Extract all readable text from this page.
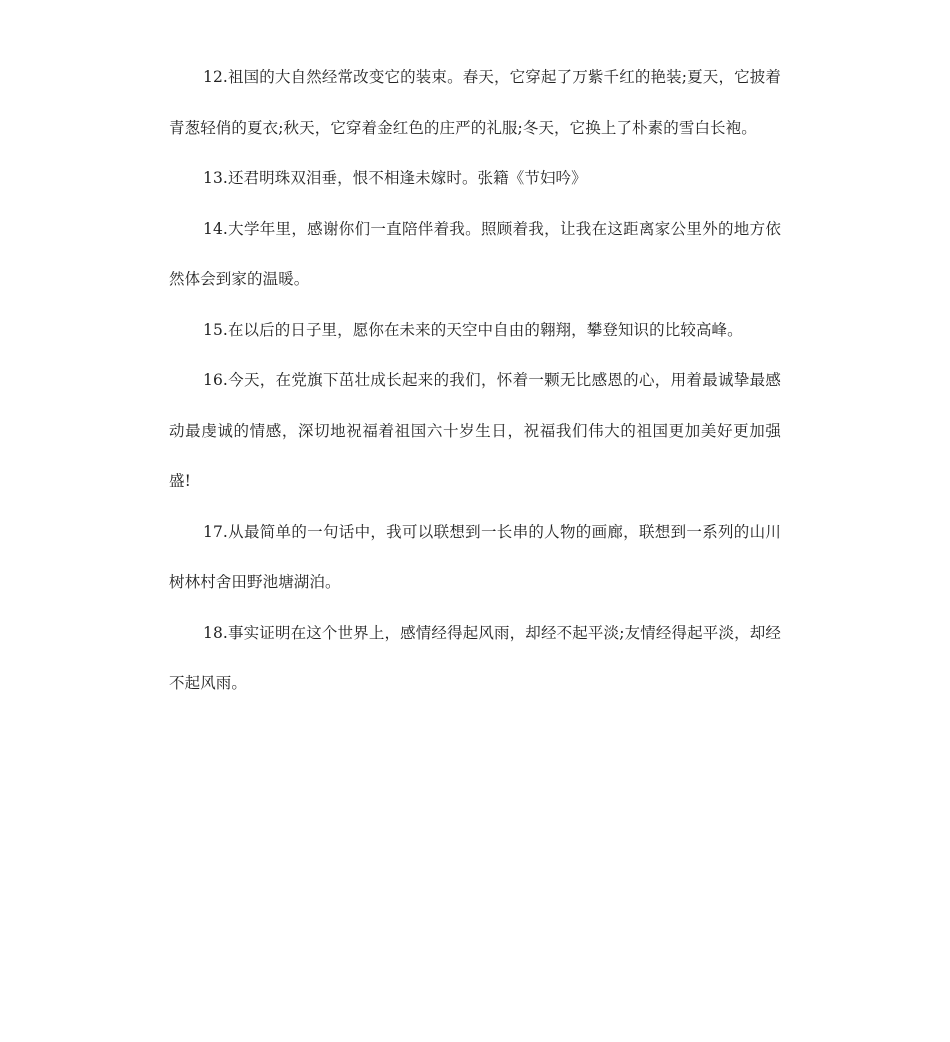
12.祖国的大自然经常改变它的装束。春天，它穿起了万紫千红的艳装;夏天，它披着青葱轻俏的夏衣;秋天，它穿着金红色的庄严的礼服;冬天，它换上了朴素的雪白长袍。

13.还君明珠双泪垂，恨不相逢未嫁时。张籍《节妇吟》

14.大学年里，感谢你们一直陪伴着我。照顾着我，让我在这距离家公里外的地方依然体会到家的温暖。

15.在以后的日子里，愿你在未来的天空中自由的翱翔，攀登知识的比较高峰。

16.今天，在党旗下茁壮成长起来的我们，怀着一颗无比感恩的心，用着最诚挚最感动最虔诚的情感，深切地祝福着祖国六十岁生日，祝福我们伟大的祖国更加美好更加强盛!

17.从最简单的一句话中，我可以联想到一长串的人物的画廊，联想到一系列的山川树林村舍田野池塘湖泊。

18.事实证明在这个世界上，感情经得起风雨，却经不起平淡;友情经得起平淡，却经不起风雨。
